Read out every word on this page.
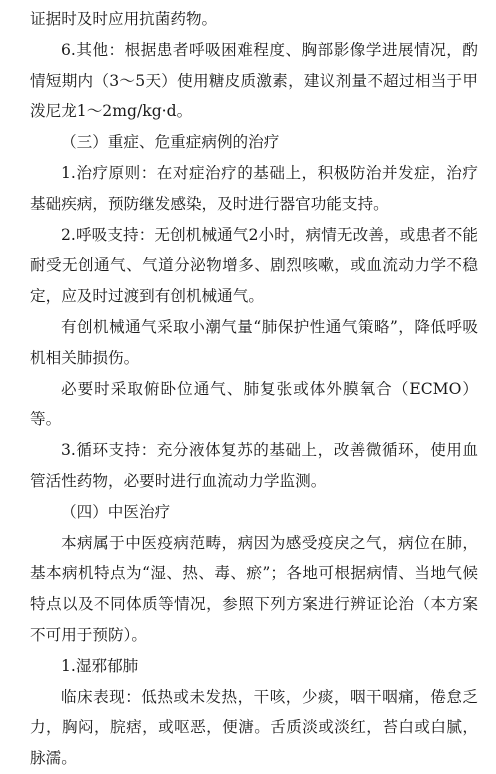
证据时及时应用抗菌药物。

6.其他：根据患者呼吸困难程度、胸部影像学进展情况，酌情短期内（3～5天）使用糖皮质激素，建议剂量不超过相当于甲泼尼龙1～2mg/kg·d。

（三）重症、危重症病例的治疗

1.治疗原则：在对症治疗的基础上，积极防治并发症，治疗基础疾病，预防继发感染，及时进行器官功能支持。

2.呼吸支持：无创机械通气2小时，病情无改善，或患者不能耐受无创通气、气道分泌物增多、剧烈咳嗽，或血流动力学不稳定，应及时过渡到有创机械通气。

有创机械通气采取小潮气量“肺保护性通气策略”，降低呼吸机相关肺损伤。

必要时采取俯卧位通气、肺复张或体外膜氧合（ECMO）等。

3.循环支持：充分液体复苏的基础上，改善微循环，使用血管活性药物，必要时进行血流动力学监测。

（四）中医治疗

本病属于中医疫病范畴，病因为感受疫戾之气，病位在肺，基本病机特点为“湿、热、毒、瘀”；各地可根据病情、当地气候特点以及不同体质等情况，参照下列方案进行辨证论治（本方案不可用于预防）。

1.湿邪郁肺

临床表现：低热或未发热，干咳，少痰，咽干咽痛，倦怠乏力，胸闷，脘痞，或呕恶，便溏。舌质淡或淡红，苔白或白腻，脉濡。
